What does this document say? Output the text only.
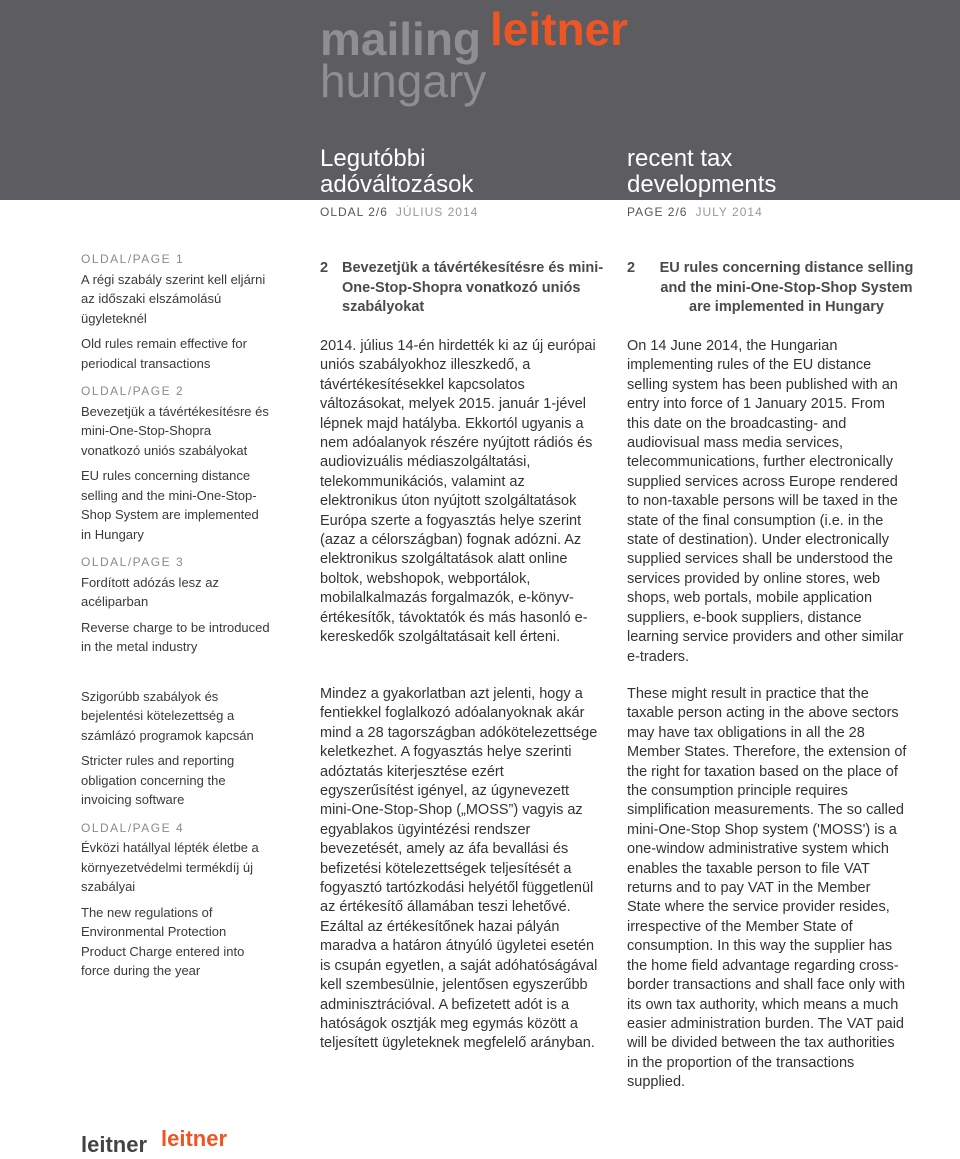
mailing leitner
hungary
Legutóbbi adóváltozások
recent tax developments
OLDAL 2/6 JÚLIUS 2014	PAGE 2/6 JULY 2014
OLDAL/PAGE 1
A régi szabály szerint kell eljárni az időszaki elszámolású ügyleteknél
Old rules remain effective for periodical transactions
OLDAL/PAGE 2
Bevezetjük a távértékesítésre és mini-One-Stop-Shopra vonatkozó uniós szabályokat
EU rules concerning distance selling and the mini-One-Stop-Shop System are implemented in Hungary
OLDAL/PAGE 3
Fordított adózás lesz az acéliparban
Reverse charge to be introduced in the metal industry
Szigorúbb szabályok és bejelentési kötelezettség a számlázó programok kapcsán
Stricter rules and reporting obligation concerning the invoicing software
OLDAL/PAGE 4
Évközi hatállyal lépték életbe a környezetvédelmi termékdíj új szabályai
The new regulations of Environmental Protection Product Charge entered into force during the year
2 Bevezetjük a távértékesítésre és mini-One-Stop-Shopra vonatkozó uniós szabályokat
2	EU rules concerning distance selling and the mini-One-Stop-Shop System are implemented in Hungary
2014. július 14-én hirdették ki az új európai uniós szabályokhoz illeszkedő, a távértékesítésekkel kapcsolatos változásokat, melyek 2015. január 1-jével lépnek majd hatályba. Ekkortól ugyanis a nem adóalanyok részére nyújtott rádiós és audiovizuális médiaszolgáltatási, telekommunikációs, valamint az elektronikus úton nyújtott szolgáltatások Európa szerte a fogyasztás helye szerint (azaz a célországban) fognak adózni. Az elektronikus szolgáltatások alatt online boltok, webshopok, webportálok, mobilalkalmazás forgalmazók, e-könyv-értékesítők, távoktatók és más hasonló e-kereskedők szolgáltatásait kell érteni.
On 14 June 2014, the Hungarian implementing rules of the EU distance selling system has been published with an entry into force of 1 January 2015. From this date on the broadcasting- and audiovisual mass media services, telecommunications, further electronically supplied services across Europe rendered to non-taxable persons will be taxed in the state of the final consumption (i.e. in the state of destination). Under electronically supplied services shall be understood the services provided by online stores, web shops, web portals, mobile application suppliers, e-book suppliers, distance learning service providers and other similar e-traders.
Mindez a gyakorlatban azt jelenti, hogy a fentiekkel foglalkozó adóalanyoknak akár mind a 28 tagországban adókötelezettsége keletkezhet. A fogyasztás helye szerinti adóztatás kiterjesztése ezért egyszerűsítést igényel, az úgynevezett mini-One-Stop-Shop („MOSS”) vagyis az egyablakos ügyintézési rendszer bevezetését, amely az áfa bevallási és befizetési kötelezettségek teljesítését a fogyasztó tartózkodási helyétől függetlenül az értékesítő államában teszi lehetővé. Ezáltal az értékesítőnek hazai pályán maradva a határon átnyúló ügyletei esetén is csupán egyetlen, a saját adóhatóságával kell szembesülnie, jelentősen egyszerűbb adminisztrációval. A befizetett adót is a hatóságok osztják meg egymás között a teljesített ügyleteknek megfelelő arányban.
These might result in practice that the taxable person acting in the above sectors may have tax obligations in all the 28 Member States. Therefore, the extension of the right for taxation based on the place of the consumption principle requires simplification measurements. The so called mini-One-Stop Shop system ('MOSS') is a one-window administrative system which enables the taxable person to file VAT returns and to pay VAT in the Member State where the service provider resides, irrespective of the Member State of consumption. In this way the supplier has the home field advantage regarding cross-border transactions and shall face only with its own tax authority, which means a much easier administration burden. The VAT paid will be divided between the tax authorities in the proportion of the transactions supplied.
leitner leitner
